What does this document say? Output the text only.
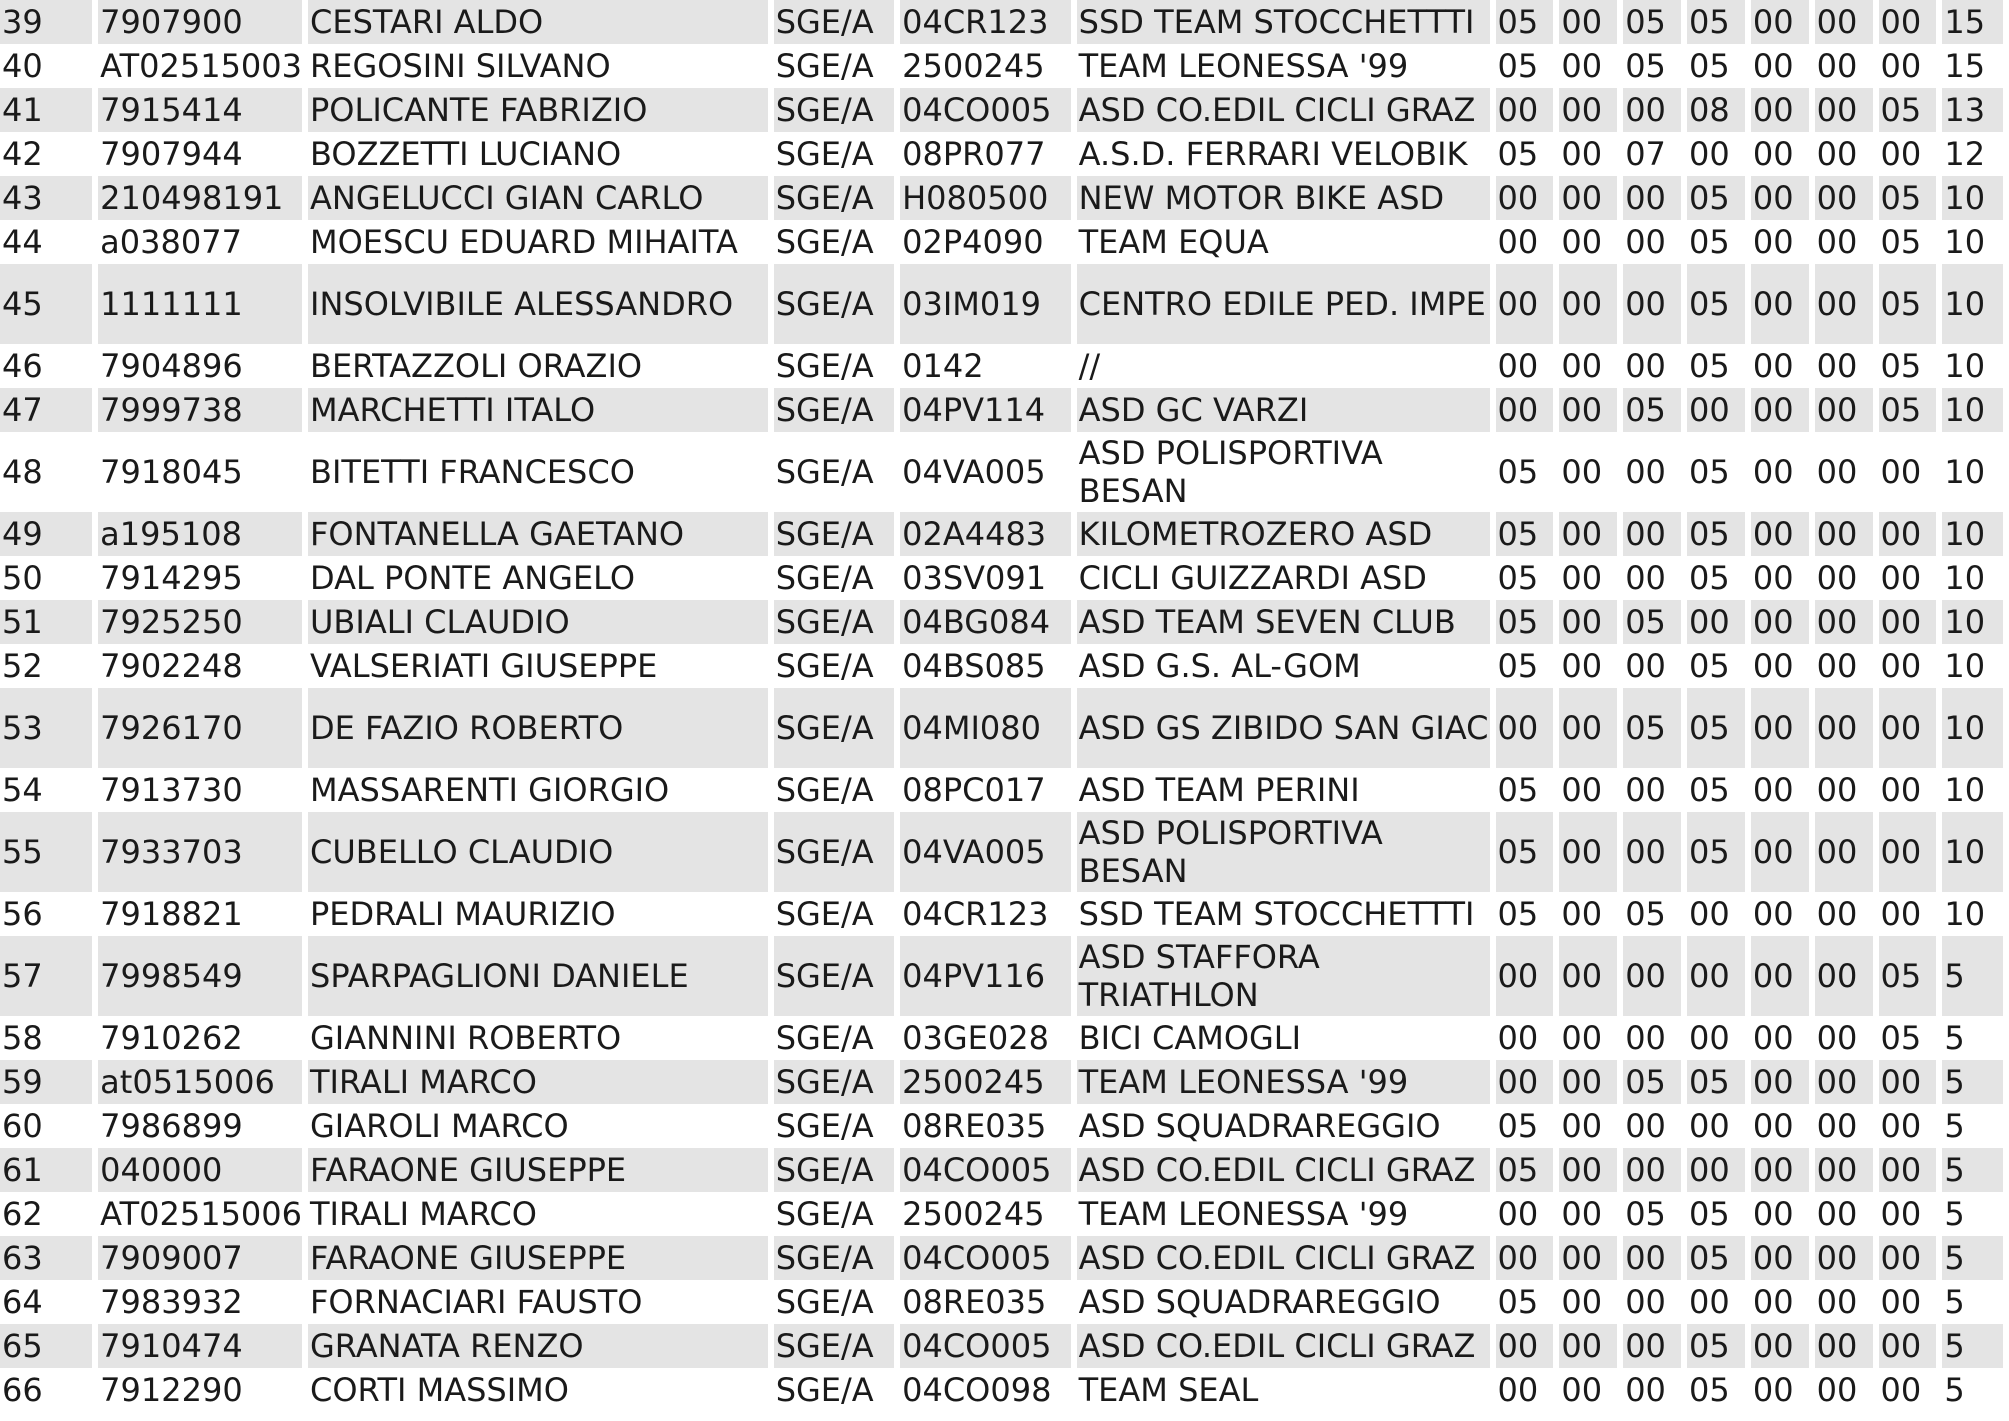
39	7907900	CESTARI ALDO	SGE/A	04CR123	SSD TEAM STOCCHETTTI	05	00	05	05	00	00	00	15
40	AT02515003	REGOSINI SILVANO	SGE/A	2500245	TEAM LEONESSA '99	05	00	05	05	00	00	00	15
41	7915414	POLICANTE FABRIZIO	SGE/A	04CO005	ASD CO.EDIL CICLI GRAZ	00	00	00	08	00	00	05	13
42	7907944	BOZZETTI LUCIANO	SGE/A	08PR077	A.S.D. FERRARI VELOBIK	05	00	07	00	00	00	00	12
43	210498191	ANGELUCCI GIAN CARLO	SGE/A	H080500	NEW MOTOR BIKE ASD	00	00	00	05	00	00	05	10
44	a038077	MOESCU EDUARD MIHAITA	SGE/A	02P4090	TEAM EQUA	00	00	00	05	00	00	05	10
45	1111111	INSOLVIBILE ALESSANDRO	SGE/A	03IM019	CENTRO EDILE PED. IMPE	00	00	00	05	00	00	05	10
46	7904896	BERTAZZOLI ORAZIO	SGE/A	0142	//	00	00	00	05	00	00	05	10
47	7999738	MARCHETTI ITALO	SGE/A	04PV114	ASD GC VARZI	00	00	05	00	00	00	05	10
48	7918045	BITETTI FRANCESCO	SGE/A	04VA005	ASD POLISPORTIVA BESAN	05	00	00	05	00	00	00	10
49	a195108	FONTANELLA GAETANO	SGE/A	02A4483	KILOMETROZERO ASD	05	00	00	05	00	00	00	10
50	7914295	DAL PONTE ANGELO	SGE/A	03SV091	CICLI GUIZZARDI ASD	05	00	00	05	00	00	00	10
51	7925250	UBIALI CLAUDIO	SGE/A	04BG084	ASD TEAM SEVEN CLUB	05	00	05	00	00	00	00	10
52	7902248	VALSERIATI GIUSEPPE	SGE/A	04BS085	ASD G.S. AL-GOM	05	00	00	05	00	00	00	10
53	7926170	DE FAZIO ROBERTO	SGE/A	04MI080	ASD GS ZIBIDO SAN GIAC	00	00	05	05	00	00	00	10
54	7913730	MASSARENTI GIORGIO	SGE/A	08PC017	ASD TEAM PERINI	05	00	00	05	00	00	00	10
55	7933703	CUBELLO CLAUDIO	SGE/A	04VA005	ASD POLISPORTIVA BESAN	05	00	00	05	00	00	00	10
56	7918821	PEDRALI MAURIZIO	SGE/A	04CR123	SSD TEAM STOCCHETTTI	05	00	05	00	00	00	00	10
57	7998549	SPARPAGLIONI DANIELE	SGE/A	04PV116	ASD STAFFORA TRIATHLON	00	00	00	00	00	00	05	5
58	7910262	GIANNINI ROBERTO	SGE/A	03GE028	BICI CAMOGLI	00	00	00	00	00	00	05	5
59	at0515006	TIRALI MARCO	SGE/A	2500245	TEAM LEONESSA '99	00	00	05	05	00	00	00	5
60	7986899	GIAROLI MARCO	SGE/A	08RE035	ASD SQUADRAREGGIO	05	00	00	00	00	00	00	5
61	040000	FARAONE GIUSEPPE	SGE/A	04CO005	ASD CO.EDIL CICLI GRAZ	05	00	00	00	00	00	00	5
62	AT02515006	TIRALI MARCO	SGE/A	2500245	TEAM LEONESSA '99	00	00	05	05	00	00	00	5
63	7909007	FARAONE GIUSEPPE	SGE/A	04CO005	ASD CO.EDIL CICLI GRAZ	00	00	00	05	00	00	00	5
64	7983932	FORNACIARI FAUSTO	SGE/A	08RE035	ASD SQUADRAREGGIO	05	00	00	00	00	00	00	5
65	7910474	GRANATA RENZO	SGE/A	04CO005	ASD CO.EDIL CICLI GRAZ	00	00	00	05	00	00	00	5
66	7912290	CORTI MASSIMO	SGE/A	04CO098	TEAM SEAL	00	00	00	05	00	00	00	5
